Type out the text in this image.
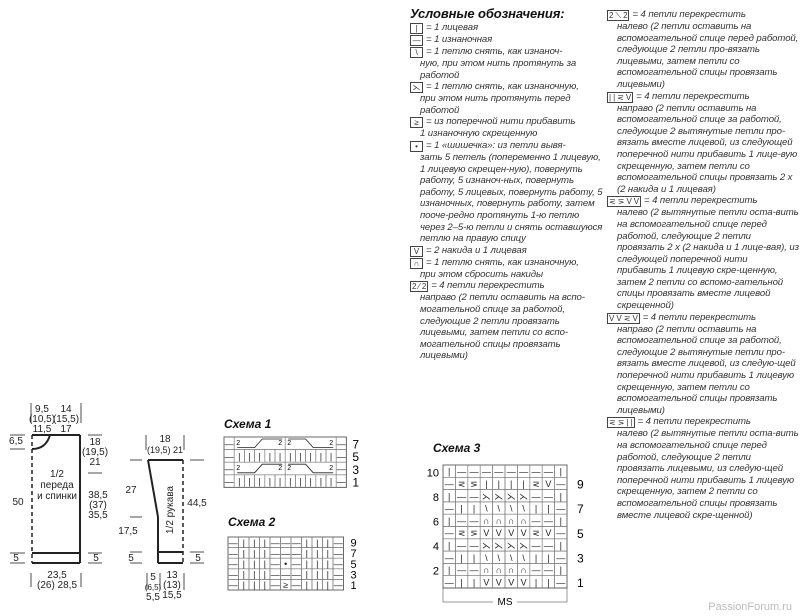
Условные обозначения:
| = 1 лицевая
— = 1 изнаночная
\ = 1 петлю снять, как изнаноч-
ную, при этом нить протянуть за работой
⋋ = 1 петлю снять, как изнаночную,
при этом нить протянуть перед работой
≥ = из поперечной нити прибавить
1 изнаночную скрещенную
• = 1 «шишечка»: из петли вывя-
зать 5 петель (попеременно 1 лицевую, 1 лицевую скрещен-ную), повернуть работу, 5 изнаноч-ных, повернуть работу, 5 лицевых, повернуть работу, 5 изнаночных, повернуть работу, затем пооче-редно протянуть 1-ю петлю через 2–5-ю петли и снять оставшуюся петлю на правую спицу
V = 2 накида и 1 лицевая
∩ = 1 петлю снять, как изнаночную,
при этом сбросить накиды
2 ⁄ 2 = 4 петли перекрестить
направо (2 петли оставить на вспо-могательной спице за работой, следующие 2 петли провязать лицевыми, затем петли со вспо-могательной спицы провязать лицевыми)
2 ⟍ 2 = 4 петли перекрестить
налево (2 петли оставить на вспомогательной спице перед работой, следующие 2 петли про-вязать лицевыми, затем петли со вспомогательной спицы провязать лицевыми)
| | ⋜ V = 4 петли перекрестить
направо (2 петли оставить на вспомогательной спице за работой, следующие 2 вытянутые петли про-вязать вместе лицевой, из следующей поперечной нити прибавить 1 лице-вую скрещенную, затем петли со вспомогательной спицы провязать 2 x (2 накида и 1 лицевая)
⋜ ⋝ V V = 4 петли перекрестить
налево (2 вытянутые петли оста-вить на вспомогательной спице перед работой, следующие 2 петли провязать 2 x (2 накида и 1 лице-вая), из следующей поперечной нити прибавить 1 лицевую скре-щенную, затем 2 петли со вспомо-гательной спицы провязать вместе лицевой скрещенной)
V V ⋜ V = 4 петли перекрестить
направо (2 петли оставить на вспомогательной спице за работой, следующие 2 вытянутые петли про-вязать вместе лицевой, из следую-щей поперечной нити прибавить 1 лицевую скрещенную, затем петли со вспомогательной спицы провязать лицевыми)
⋜ ⋝ | | = 4 петли перекрестить
налево (2 вытянутые петли оста-вить на вспомогательной спице перед работой, следующие 2 петли провязать лицевыми, из следую-щей поперечной нити прибавить 1 лицевую скрещенную, затем 2 петли со вспомогательной спицы провязать вместе лицевой скре-щенной)
9,5
(10,5)
11,5
14
(15,5)
17
6,5	18
(19,5)
21
1/2
переда
и спинки
50
38,5
(37)
35,5
5	5
23,5
(26) 28,5
18
(19,5) 21
27
44,5
17,5
5	5
1/2 рукава
5
(6,5)
5,5
13
(13)
15,5
Схема 1
—	—
2	2 2	2
— | | | | | | | | | | —
—	—
2	2 2	2
— | | | | | | | | | | —
7
5
3
1
Схема 2
— | | | — — — | | | —
— | | | — — — | | | —
— | | | — • — | | | —
— | | | — — — | | | —
— | | | — ≥ — | | | —
9
7
5
3
1
Схема 3
| — — — — — — — — |
— ⋜ ⋝ | | | | ⋜ V —
| — — ⋋ ⋋ ⋋ ⋋ — — |
— | | \ \ \ \ | | —
| — — ∩ ∩ ∩ ∩ — — |
— ⋜ ⋝ V V V V ⋜ V —
| — — ⋋ ⋋ ⋋ ⋋ — — |
— | | \ \ \ \ | | —
| — — ∩ ∩ ∩ ∩ — — |
— | | V V V V | | —
10
8
6
4
2
9
7
5
3
1
MS	PassionForum.ru
